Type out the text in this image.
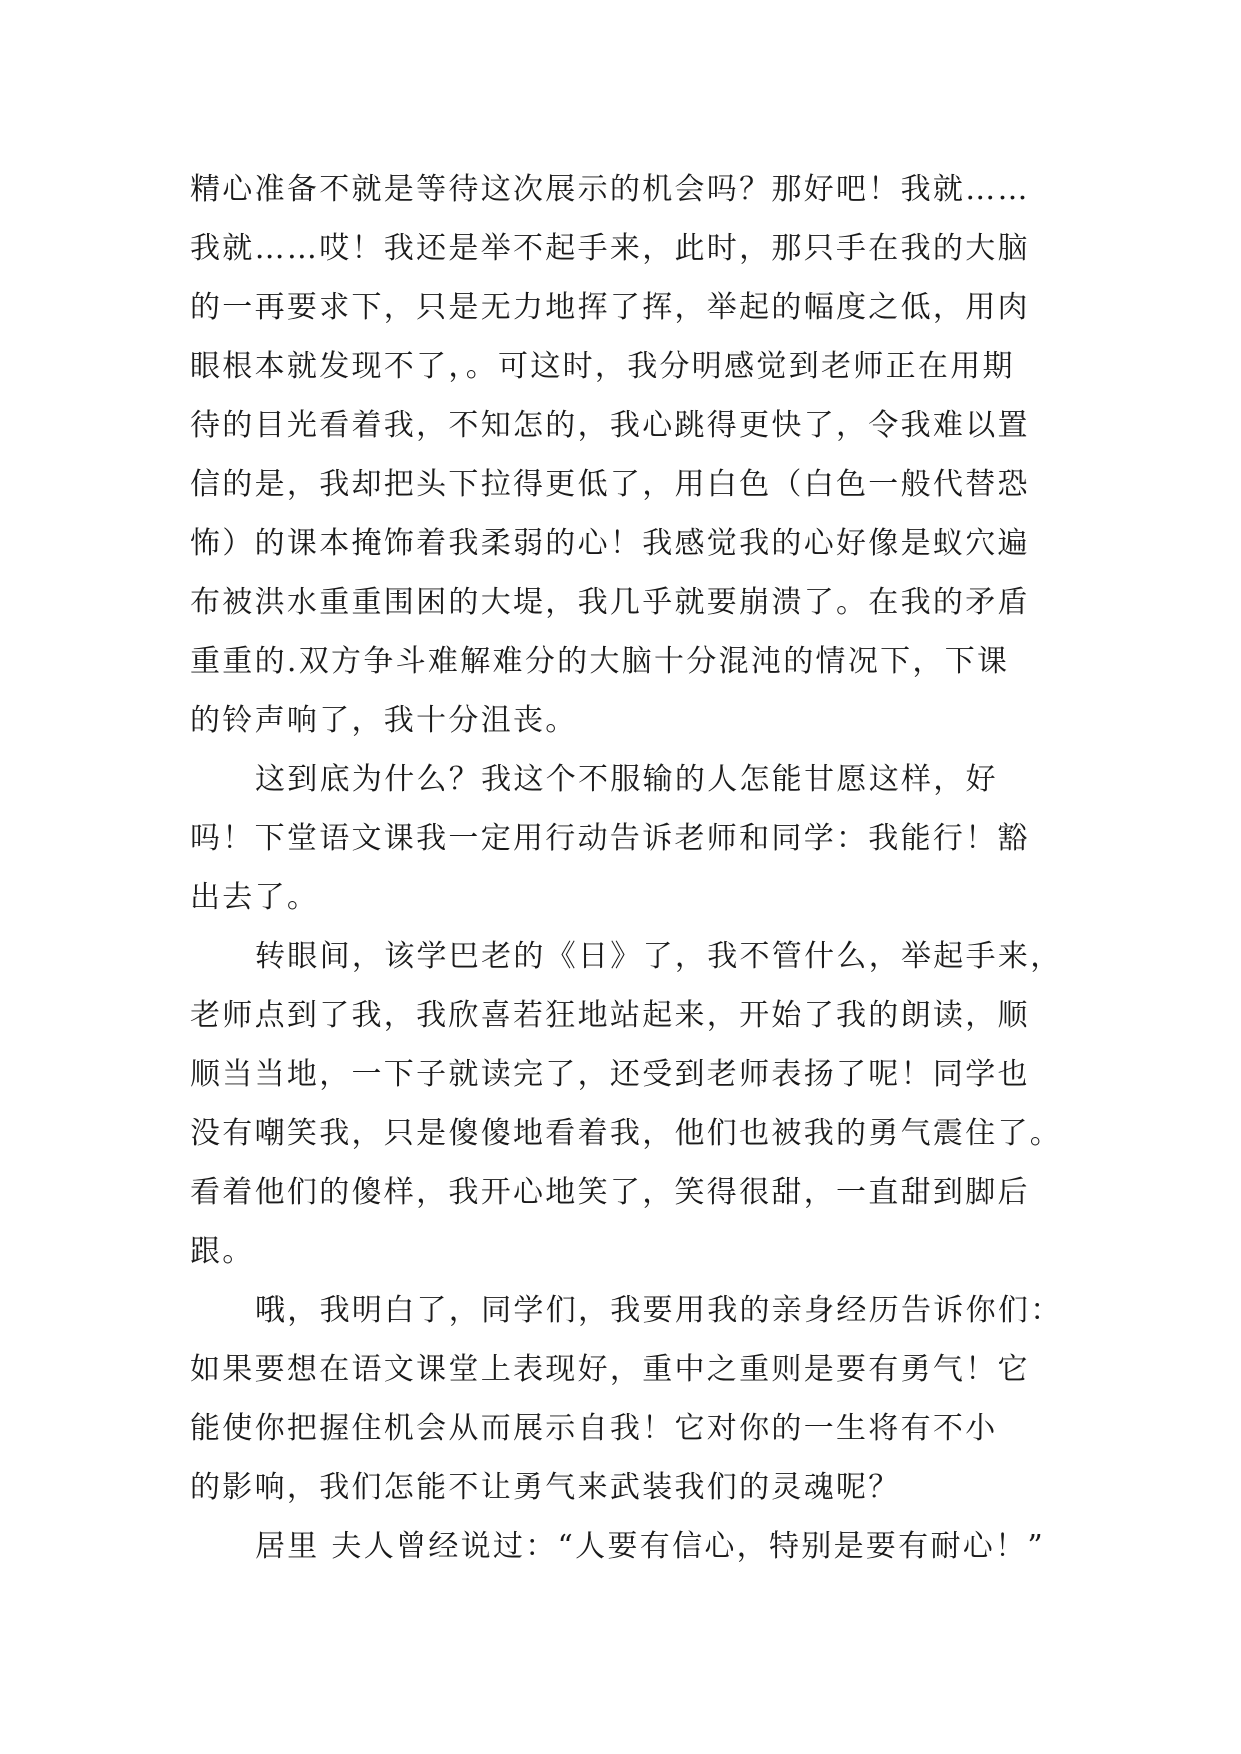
精心准备不就是等待这次展示的机会吗？那好吧！我就……
我就……哎！我还是举不起手来，此时，那只手在我的大脑
的一再要求下，只是无力地挥了挥，举起的幅度之低，用肉
眼根本就发现不了，。可这时，我分明感觉到老师正在用期
待的目光看着我，不知怎的，我心跳得更快了，令我难以置
信的是，我却把头下拉得更低了，用白色（白色一般代替恐
怖）的课本掩饰着我柔弱的心！我感觉我的心好像是蚁穴遍
布被洪水重重围困的大堤，我几乎就要崩溃了。在我的矛盾
重重的.双方争斗难解难分的大脑十分混沌的情况下，下课
的铃声响了，我十分沮丧。
这到底为什么？我这个不服输的人怎能甘愿这样，好
吗！下堂语文课我一定用行动告诉老师和同学：我能行！豁
出去了。
转眼间，该学巴老的《日》了，我不管什么，举起手来，
老师点到了我，我欣喜若狂地站起来，开始了我的朗读，顺
顺当当地，一下子就读完了，还受到老师表扬了呢！同学也
没有嘲笑我，只是傻傻地看着我，他们也被我的勇气震住了。
看着他们的傻样，我开心地笑了，笑得很甜，一直甜到脚后
跟。
哦，我明白了，同学们，我要用我的亲身经历告诉你们：
如果要想在语文课堂上表现好，重中之重则是要有勇气！它
能使你把握住机会从而展示自我！它对你的一生将有不小
的影响，我们怎能不让勇气来武装我们的灵魂呢？
居里 夫人曾经说过：“人要有信心，特别是要有耐心！”
